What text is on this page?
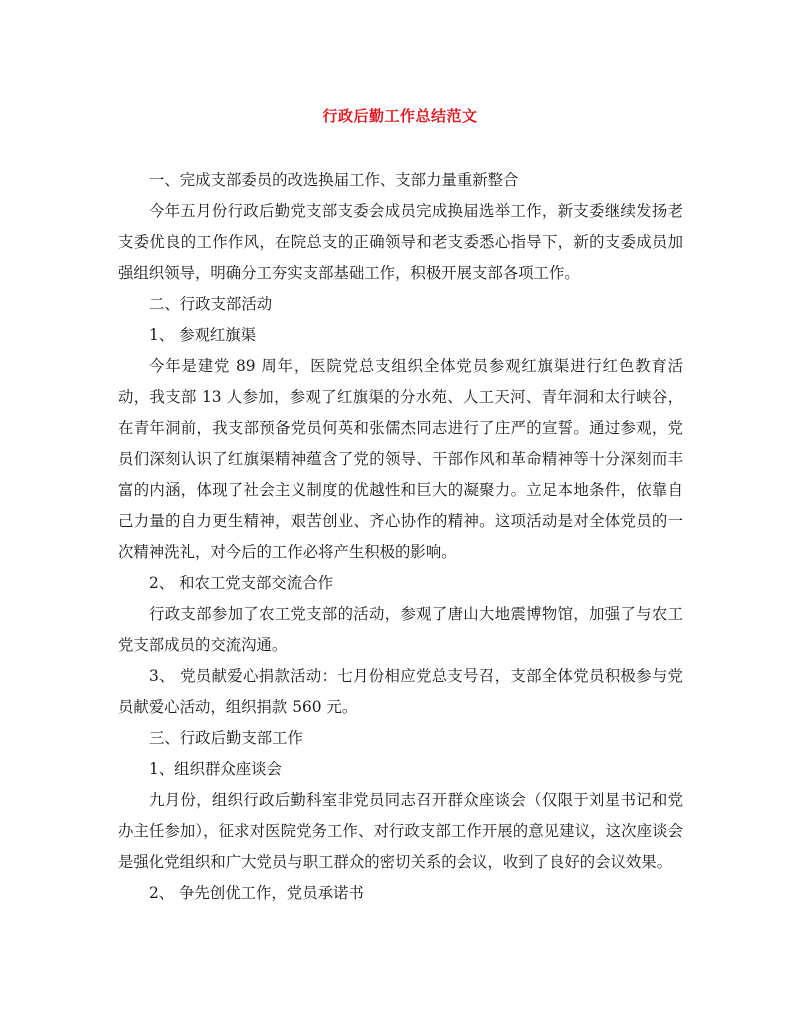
行政后勤工作总结范文

一、完成支部委员的改选换届工作、支部力量重新整合

今年五月份行政后勤党支部支委会成员完成换届选举工作，新支委继续发扬老支委优良的工作作风，在院总支的正确领导和老支委悉心指导下，新的支委成员加强组织领导，明确分工夯实支部基础工作，积极开展支部各项工作。

二、行政支部活动

1、 参观红旗渠

今年是建党 89 周年，医院党总支组织全体党员参观红旗渠进行红色教育活动，我支部 13 人参加，参观了红旗渠的分水苑、人工天河、青年洞和太行峡谷，在青年洞前，我支部预备党员何英和张儒杰同志进行了庄严的宣誓。通过参观，党员们深刻认识了红旗渠精神蕴含了党的领导、干部作风和革命精神等十分深刻而丰富的内涵，体现了社会主义制度的优越性和巨大的凝聚力。立足本地条件，依靠自己力量的自力更生精神，艰苦创业、齐心协作的精神。这项活动是对全体党员的一次精神洗礼，对今后的工作必将产生积极的影响。

2、 和农工党支部交流合作

行政支部参加了农工党支部的活动，参观了唐山大地震博物馆，加强了与农工党支部成员的交流沟通。

3、 党员献爱心捐款活动：七月份相应党总支号召，支部全体党员积极参与党员献爱心活动，组织捐款 560 元。

三、行政后勤支部工作

1、组织群众座谈会

九月份，组织行政后勤科室非党员同志召开群众座谈会（仅限于刘星书记和党办主任参加），征求对医院党务工作、对行政支部工作开展的意见建议，这次座谈会是强化党组织和广大党员与职工群众的密切关系的会议，收到了良好的会议效果。

2、 争先创优工作，党员承诺书
